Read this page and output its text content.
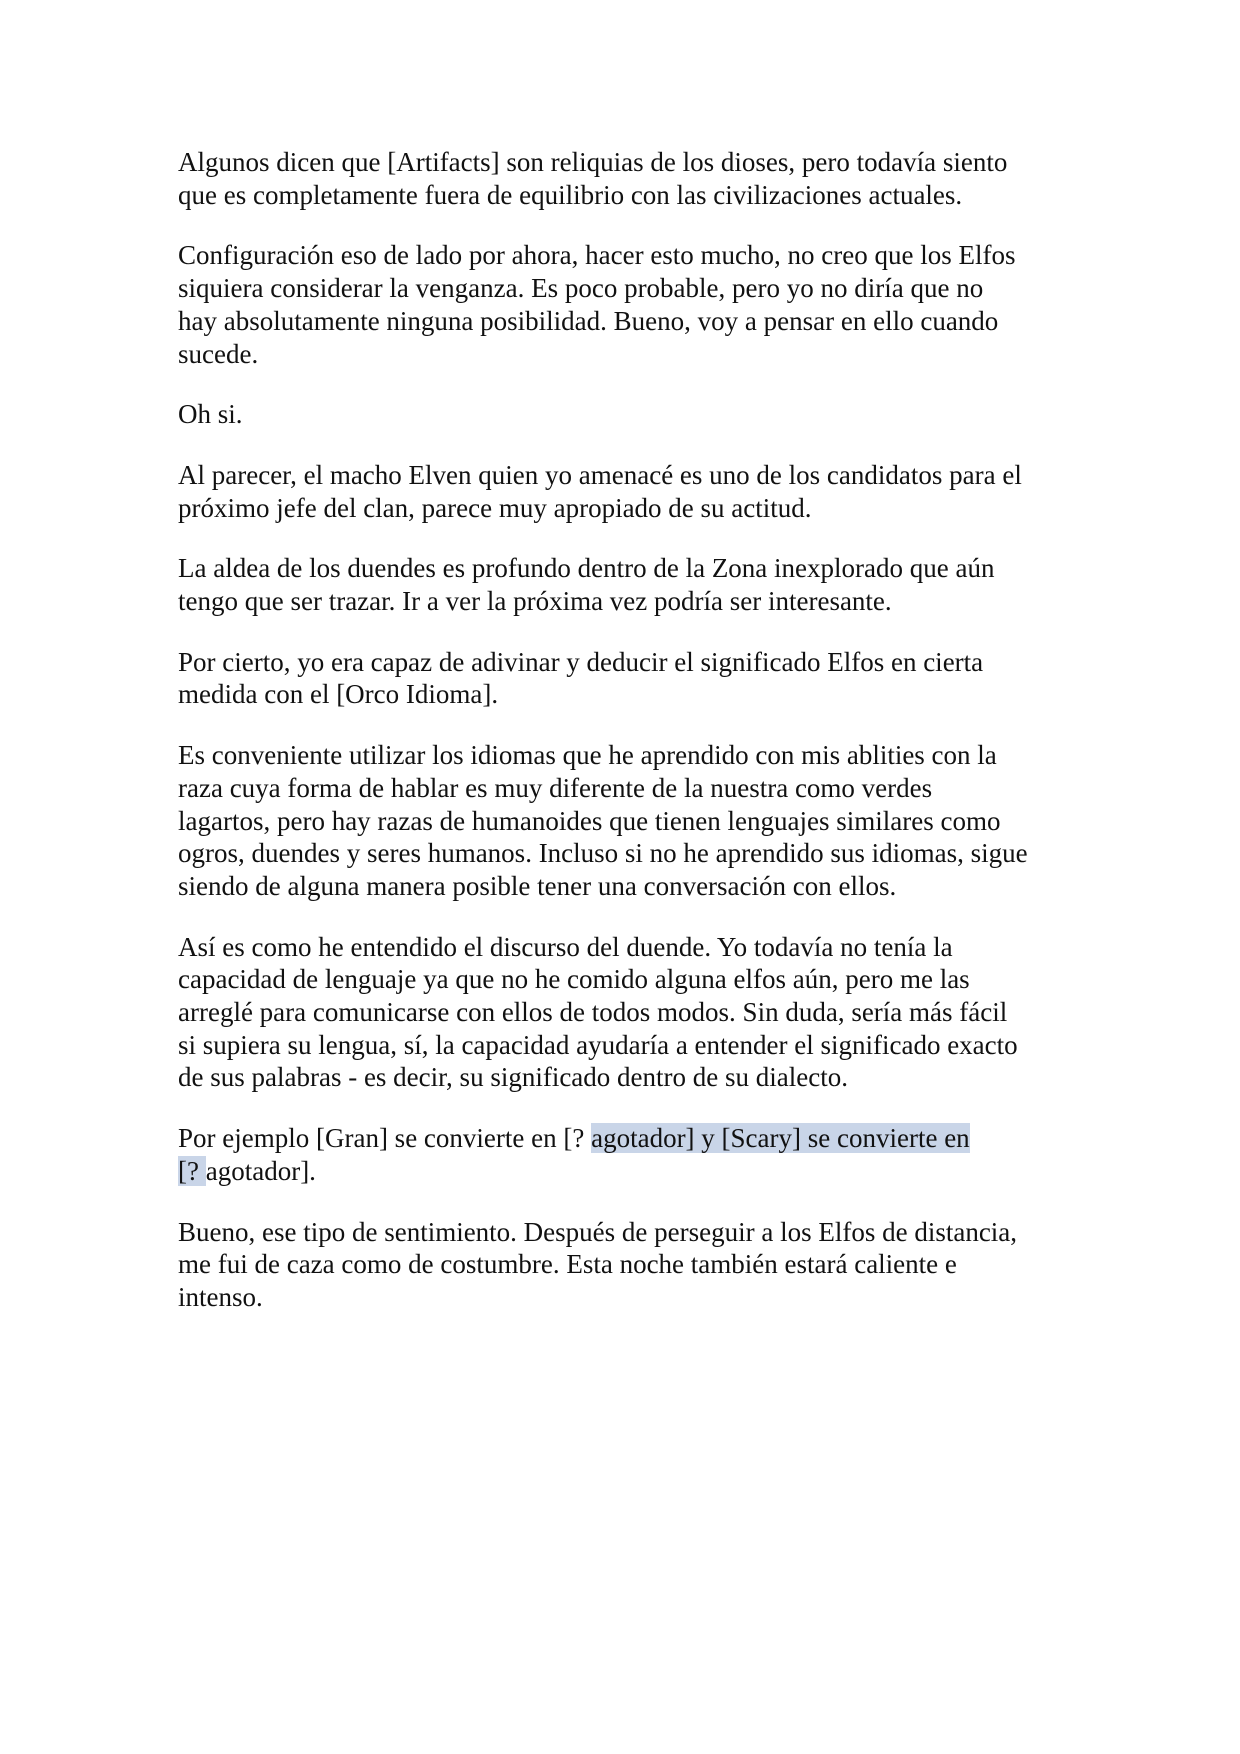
Algunos dicen que [Artifacts] son reliquias de los dioses, pero todavía siento
que es completamente fuera de equilibrio con las civilizaciones actuales.

Configuración eso de lado por ahora, hacer esto mucho, no creo que los Elfos
siquiera considerar la venganza. Es poco probable, pero yo no diría que no
hay absolutamente ninguna posibilidad. Bueno, voy a pensar en ello cuando
sucede.

Oh si.

Al parecer, el macho Elven quien yo amenacé es uno de los candidatos para el
próximo jefe del clan, parece muy apropiado de su actitud.

La aldea de los duendes es profundo dentro de la Zona inexplorado que aún
tengo que ser trazar. Ir a ver la próxima vez podría ser interesante.

Por cierto, yo era capaz de adivinar y deducir el significado Elfos en cierta
medida con el [Orco Idioma].

Es conveniente utilizar los idiomas que he aprendido con mis ablities con la
raza cuya forma de hablar es muy diferente de la nuestra como verdes
lagartos, pero hay razas de humanoides que tienen lenguajes similares como
ogros, duendes y seres humanos. Incluso si no he aprendido sus idiomas, sigue
siendo de alguna manera posible tener una conversación con ellos.

Así es como he entendido el discurso del duende. Yo todavía no tenía la
capacidad de lenguaje ya que no he comido alguna elfos aún, pero me las
arreglé para comunicarse con ellos de todos modos. Sin duda, sería más fácil
si supiera su lengua, sí, la capacidad ayudaría a entender el significado exacto
de sus palabras - es decir, su significado dentro de su dialecto.

Por ejemplo [Gran] se convierte en [? agotador] y [Scary] se convierte en
[? agotador].

Bueno, ese tipo de sentimiento. Después de perseguir a los Elfos de distancia,
me fui de caza como de costumbre. Esta noche también estará caliente e
intenso.
